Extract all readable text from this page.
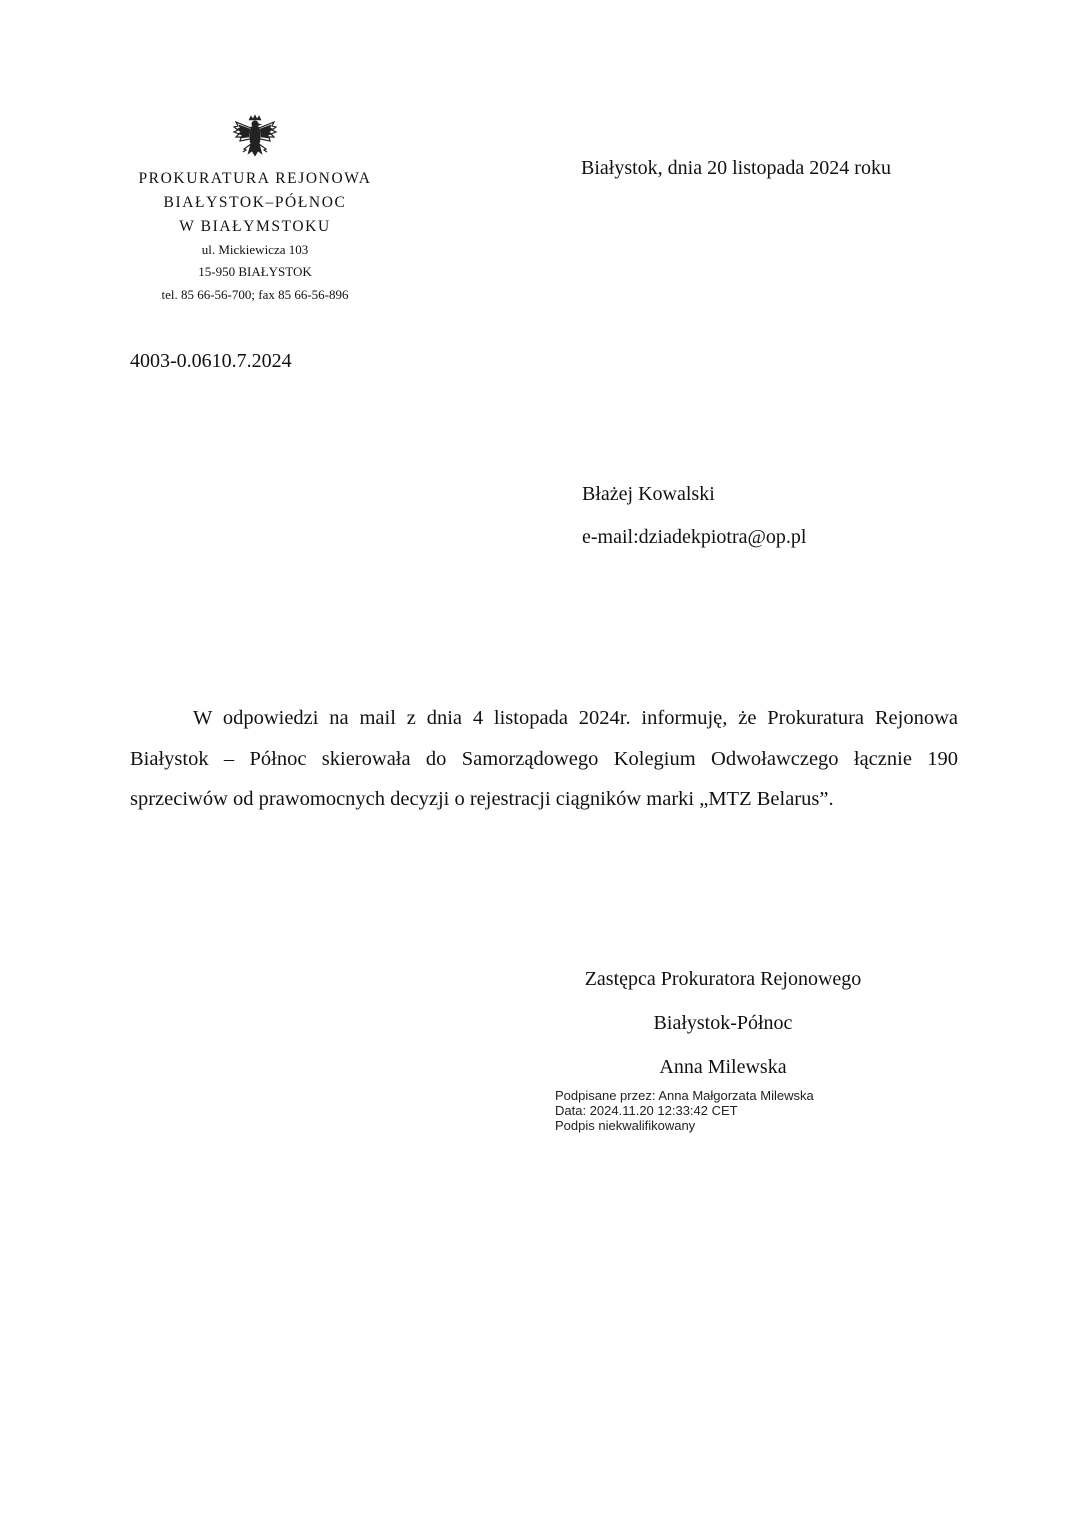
PROKURATURA REJONOWA
BIAŁYSTOK–PÓŁNOC
W BIAŁYMSTOKU
ul. Mickiewicza 103
15-950 BIAŁYSTOK
tel. 85 66-56-700; fax 85 66-56-896
Białystok, dnia 20 listopada 2024 roku
4003-0.0610.7.2024
Błażej Kowalski
e-mail:dziadekpiotra@op.pl

W odpowiedzi na mail z dnia 4 listopada 2024r. informuję, że Prokuratura Rejonowa Białystok – Północ skierowała do Samorządowego Kolegium Odwoławczego łącznie 190 sprzeciwów od prawomocnych decyzji o rejestracji ciągników marki „MTZ Belarus”.

Zastępca Prokuratora Rejonowego
Białystok-Północ
Anna Milewska
Podpisane przez: Anna Małgorzata Milewska
Data: 2024.11.20 12:33:42 CET
Podpis niekwalifikowany
